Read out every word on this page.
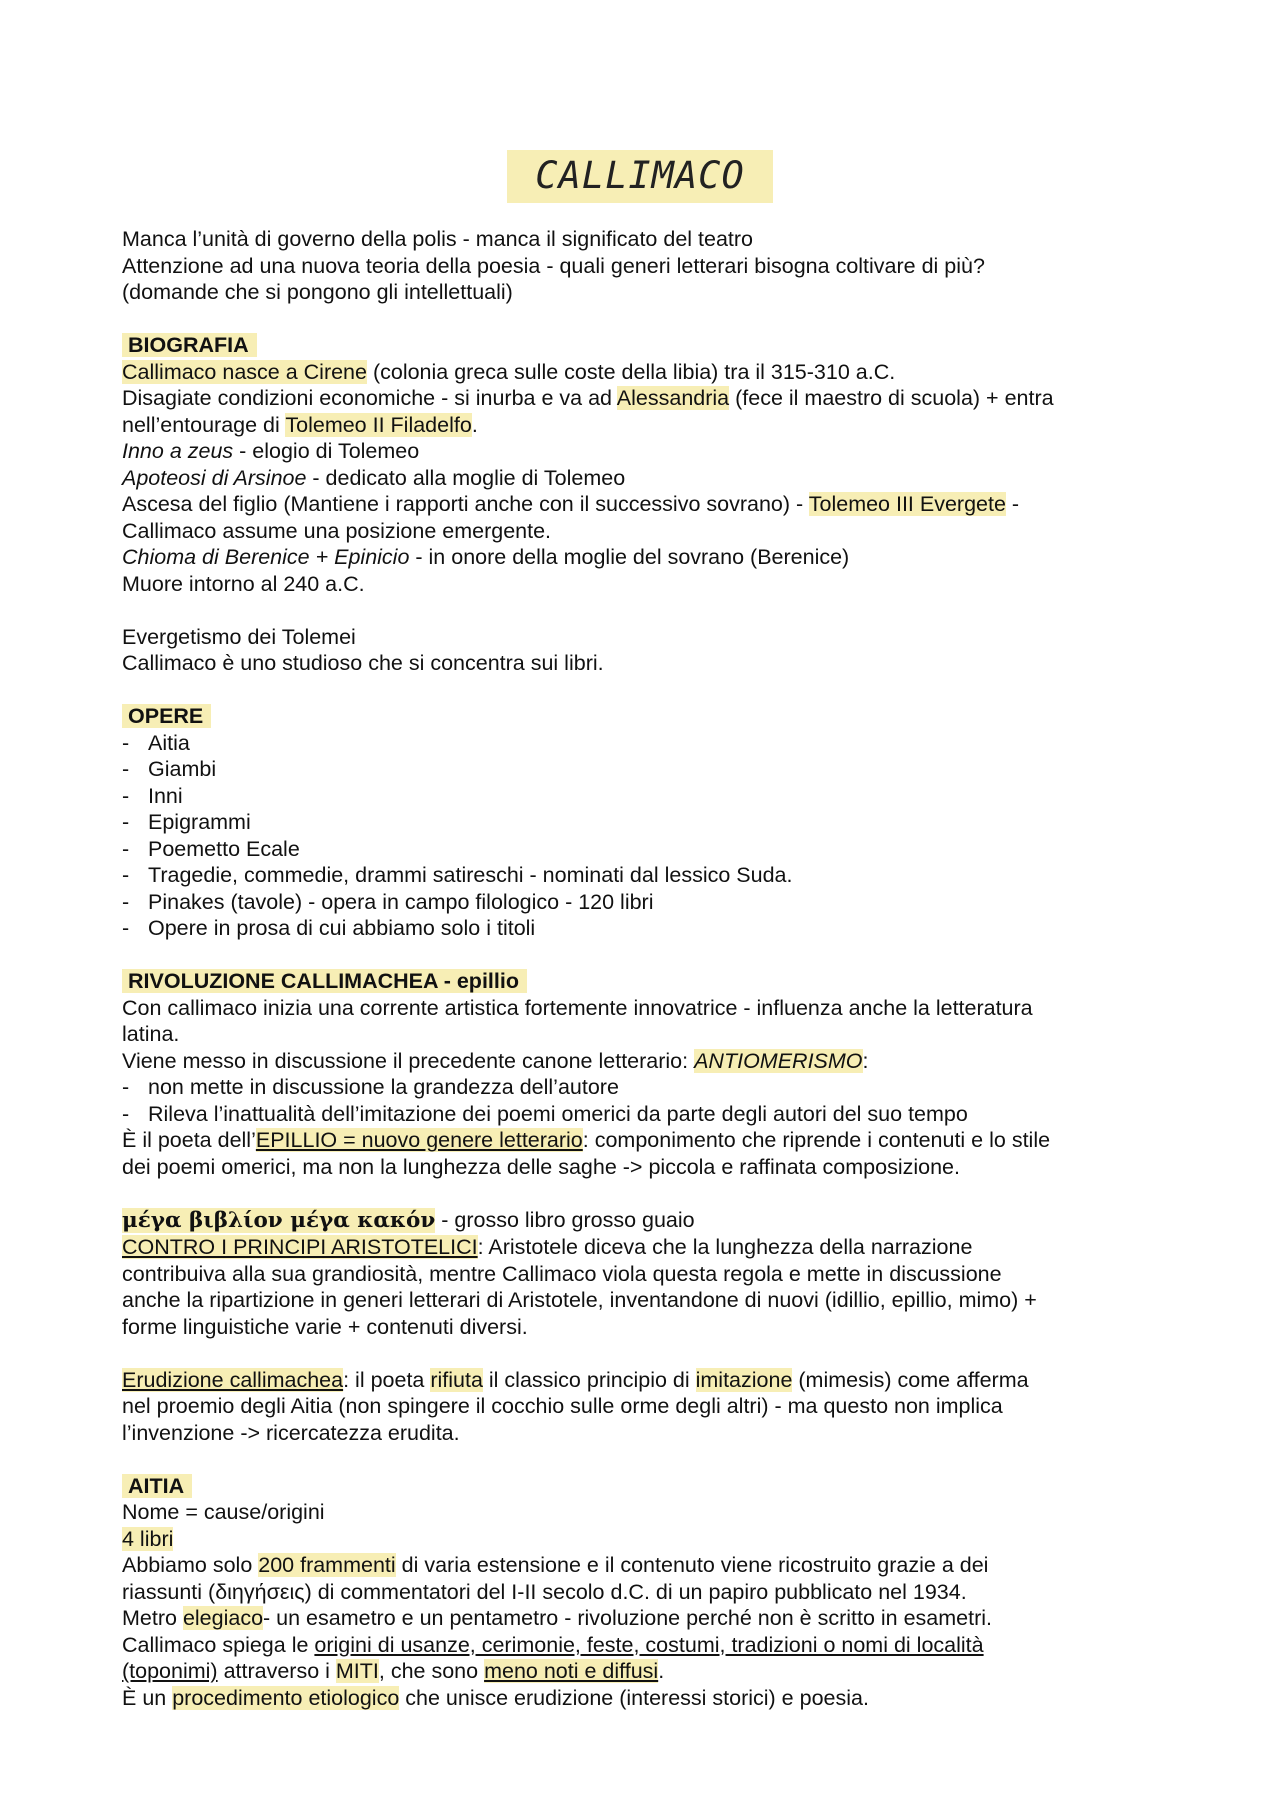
CALLIMACO
Manca l’unità di governo della polis - manca il significato del teatro
Attenzione ad una nuova teoria della poesia - quali generi letterari bisogna coltivare di più?
(domande che si pongono gli intellettuali)
BIOGRAFIA
Callimaco nasce a Cirene (colonia greca sulle coste della libia) tra il 315-310 a.C.
Disagiate condizioni economiche - si inurba e va ad Alessandria (fece il maestro di scuola) + entra
nell’entourage di Tolemeo II Filadelfo.
Inno a zeus - elogio di Tolemeo
Apoteosi di Arsinoe - dedicato alla moglie di Tolemeo
Ascesa del figlio (Mantiene i rapporti anche con il successivo sovrano) - Tolemeo III Evergete -
Callimaco assume una posizione emergente.
Chioma di Berenice + Epinicio - in onore della moglie del sovrano (Berenice)
Muore intorno al 240 a.C.
Evergetismo dei Tolemei
Callimaco è uno studioso che si concentra sui libri.
OPERE
- Aitia
- Giambi
- Inni
- Epigrammi
- Poemetto Ecale
- Tragedie, commedie, drammi satireschi - nominati dal lessico Suda.
- Pinakes (tavole) - opera in campo filologico - 120 libri
- Opere in prosa di cui abbiamo solo i titoli
RIVOLUZIONE CALLIMACHEA - epillio
Con callimaco inizia una corrente artistica fortemente innovatrice - influenza anche la letteratura
latina.
Viene messo in discussione il precedente canone letterario: ANTIOMERISMO:
- non mette in discussione la grandezza dell’autore
- Rileva l’inattualità dell’imitazione dei poemi omerici da parte degli autori del suo tempo
È il poeta dell’EPILLIO = nuovo genere letterario: componimento che riprende i contenuti e lo stile
dei poemi omerici, ma non la lunghezza delle saghe -> piccola e raffinata composizione.
μέγα βιβλίον μέγα κακόν - grosso libro grosso guaio
CONTRO I PRINCIPI ARISTOTELICI: Aristotele diceva che la lunghezza della narrazione
contribuiva alla sua grandiosità, mentre Callimaco viola questa regola e mette in discussione
anche la ripartizione in generi letterari di Aristotele, inventandone di nuovi (idillio, epillio, mimo) +
forme linguistiche varie + contenuti diversi.
Erudizione callimachea: il poeta rifiuta il classico principio di imitazione (mimesis) come afferma
nel proemio degli Aitia (non spingere il cocchio sulle orme degli altri) - ma questo non implica
l’invenzione -> ricercatezza erudita.
AITIA
Nome = cause/origini
4 libri
Abbiamo solo 200 frammenti di varia estensione e il contenuto viene ricostruito grazie a dei
riassunti (διηγήσεις) di commentatori del I-II secolo d.C. di un papiro pubblicato nel 1934.
Metro elegiaco- un esametro e un pentametro - rivoluzione perché non è scritto in esametri.
Callimaco spiega le origini di usanze, cerimonie, feste, costumi, tradizioni o nomi di località
(toponimi) attraverso i MITI, che sono meno noti e diffusi.
È un procedimento etiologico che unisce erudizione (interessi storici) e poesia.
